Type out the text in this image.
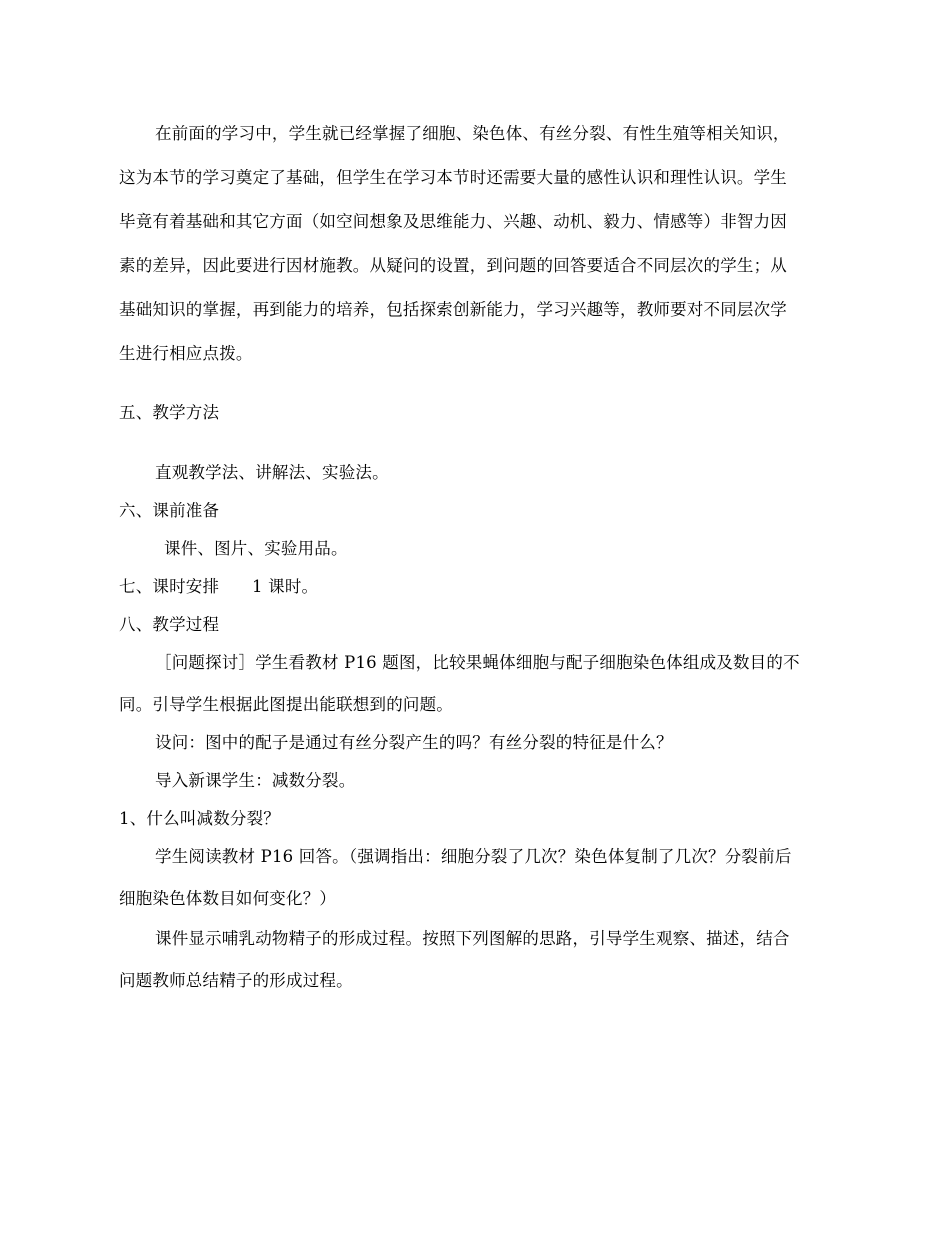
在前面的学习中，学生就已经掌握了细胞、染色体、有丝分裂、有性生殖等相关知识，
这为本节的学习奠定了基础，但学生在学习本节时还需要大量的感性认识和理性认识。学生
毕竟有着基础和其它方面（如空间想象及思维能力、兴趣、动机、毅力、情感等）非智力因
素的差异，因此要进行因材施教。从疑问的设置，到问题的回答要适合不同层次的学生；从
基础知识的掌握，再到能力的培养，包括探索创新能力，学习兴趣等，教师要对不同层次学
生进行相应点拨。
五、教学方法
直观教学法、讲解法、实验法。
六、课前准备
课件、图片、实验用品。
七、课时安排 1 课时。
八、教学过程
［问题探讨］学生看教材 P16 题图，比较果蝇体细胞与配子细胞染色体组成及数目的不
同。引导学生根据此图提出能联想到的问题。
设问：图中的配子是通过有丝分裂产生的吗？有丝分裂的特征是什么？
导入新课学生：减数分裂。
1、什么叫减数分裂？
学生阅读教材 P16 回答。（强调指出：细胞分裂了几次？染色体复制了几次？分裂前后
细胞染色体数目如何变化？）
课件显示哺乳动物精子的形成过程。按照下列图解的思路，引导学生观察、描述，结合
问题教师总结精子的形成过程。
